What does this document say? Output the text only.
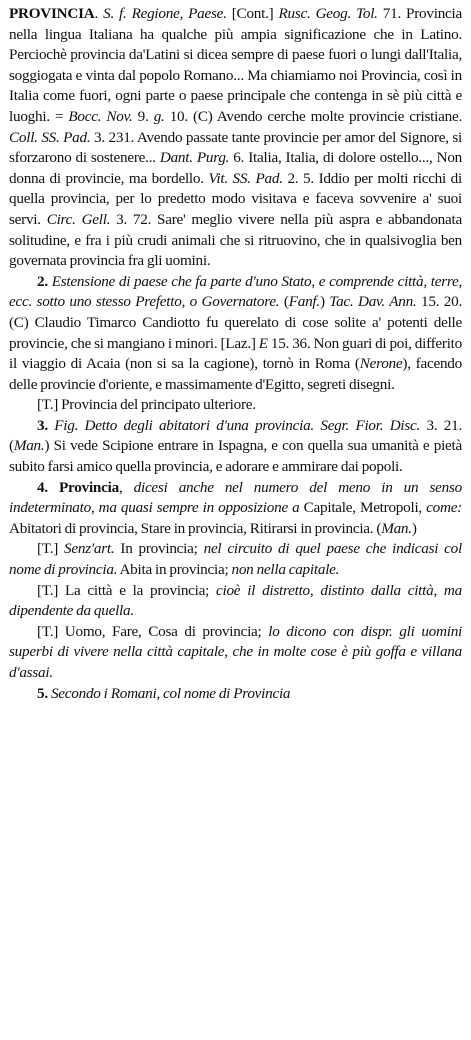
PROVINCIA. S. f. Regione, Paese. [Cont.] Rusc. Geog. Tol. 71. Provincia nella lingua Italiana ha qualche più ampia significazione che in Latino. Perciochè provincia da'Latini si dicea sempre di paese fuori o lungi dall'Italia, soggiogata e vinta dal popolo Romano... Ma chiamiamo noi Provincia, così in Italia come fuori, ogni parte o paese principale che contenga in sè più città e luoghi. = Bocc. Nov. 9. g. 10. (C) Avendo cerche molte provincie cristiane. Coll. SS. Pad. 3. 231. Avendo passate tante provincie per amor del Signore, si sforzarono di sostenere... Dant. Purg. 6. Italia, Italia, di dolore ostello..., Non donna di provincie, ma bordello. Vit. SS. Pad. 2. 5. Iddio per molti ricchi di quella provincia, per lo predetto modo visitava e faceva sovvenire a' suoi servi. Circ. Gell. 3. 72. Sare' meglio vivere nella più aspra e abbandonata solitudine, e fra i più crudi animali che si ritruovino, che in qualsivoglia ben governata provincia fra gli uomini.

2. Estensione di paese che fa parte d'uno Stato, e comprende città, terre, ecc. sotto uno stesso Prefetto, o Governatore. (Fanf.) Tac. Dav. Ann. 15. 20. (C) Claudio Timarco Candiotto fu querelato di cose solite a' potenti delle provincie, che si mangiano i minori. [Laz.] E 15. 36. Non guari di poi, differito il viaggio di Acaia (non si sa la cagione), tornò in Roma (Nerone), facendo delle provincie d'oriente, e massimamente d'Egitto, segreti disegni.

[T.] Provincia del principato ulteriore.

3. Fig. Detto degli abitatori d'una provincia. Segr. Fior. Disc. 3. 21. (Man.) Si vede Scipione entrare in Ispagna, e con quella sua umanità e pietà subito farsi amico quella provincia, e adorare e ammirare dai popoli.

4. Provincia, dicesi anche nel numero del meno in un senso indeterminato, ma quasi sempre in opposizione a Capitale, Metropoli, come: Abitatori di provincia, Stare in provincia, Ritirarsi in provincia. (Man.)

[T.] Senz'art. In provincia; nel circuito di quel paese che indicasi col nome di provincia. Abita in provincia; non nella capitale.

[T.] La città e la provincia; cioè il distretto, distinto dalla città, ma dipendente da quella.

[T.] Uomo, Fare, Cosa di provincia; lo dicono con dispr. gli uomini superbi di vivere nella città capitale, che in molte cose è più goffa e villana d'assai.

5. Secondo i Romani, col nome di Provincia
